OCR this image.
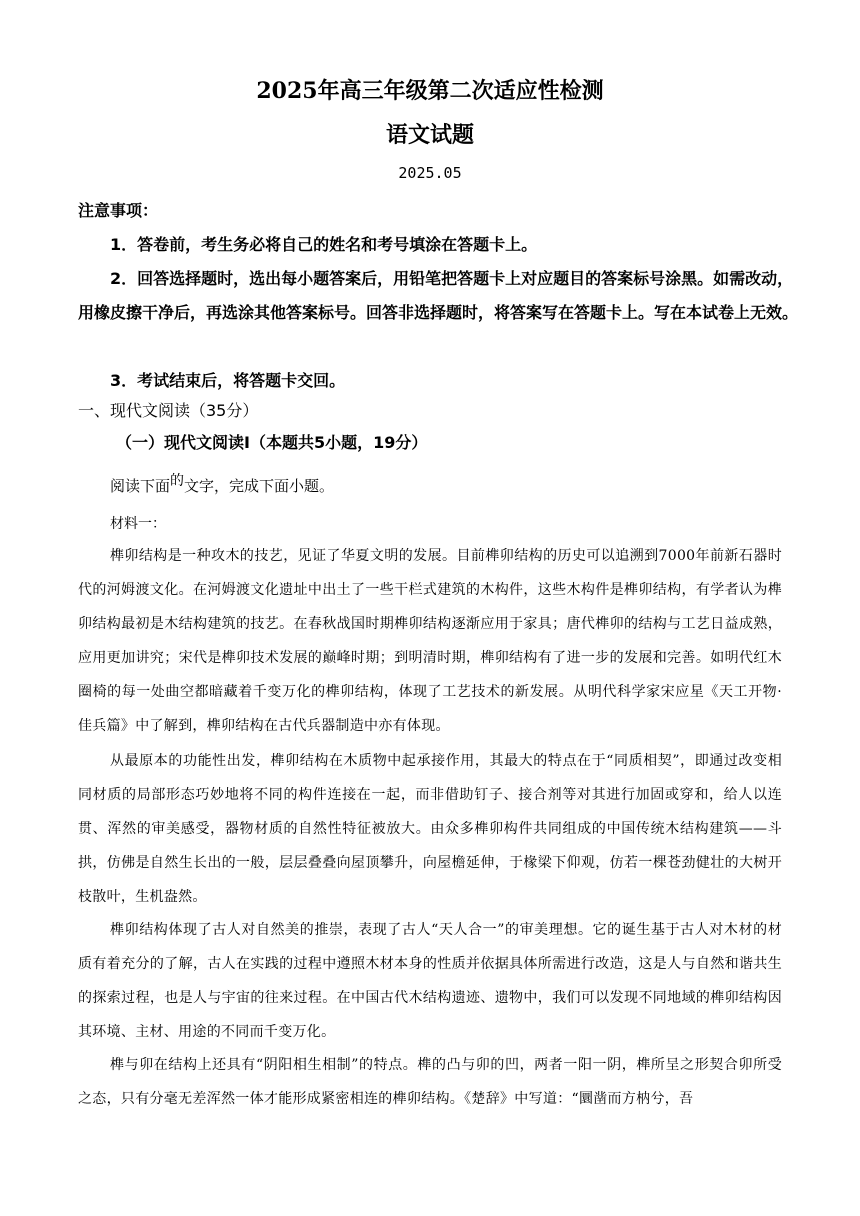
2025年高三年级第二次适应性检测
语文试题
2025.05
注意事项：
1．答卷前，考生务必将自己的姓名和考号填涂在答题卡上。
2．回答选择题时，选出每小题答案后，用铅笔把答题卡上对应题目的答案标号涂黑。如需改动，用橡皮擦干净后，再选涂其他答案标号。回答非选择题时，将答案写在答题卡上。写在本试卷上无效。
3．考试结束后，将答题卡交回。
一、现代文阅读（35分）
（一）现代文阅读Ⅰ（本题共5小题，19分）
阅读下面的文字，完成下面小题。
材料一：
榫卯结构是一种攻木的技艺，见证了华夏文明的发展。目前榫卯结构的历史可以追溯到7000年前新石器时代的河姆渡文化。在河姆渡文化遗址中出土了一些干栏式建筑的木构件，这些木构件是榫卯结构，有学者认为榫卯结构最初是木结构建筑的技艺。在春秋战国时期榫卯结构逐渐应用于家具；唐代榫卯的结构与工艺日益成熟，应用更加讲究；宋代是榫卯技术发展的巅峰时期；到明清时期，榫卯结构有了进一步的发展和完善。如明代红木圈椅的每一处曲空都暗藏着千变万化的榫卯结构，体现了工艺技术的新发展。从明代科学家宋应星《天工开物·佳兵篇》中了解到，榫卯结构在古代兵器制造中亦有体现。
从最原本的功能性出发，榫卯结构在木质物中起承接作用，其最大的特点在于“同质相契”，即通过改变相同材质的局部形态巧妙地将不同的构件连接在一起，而非借助钉子、接合剂等对其进行加固或穿和，给人以连贯、浑然的审美感受，器物材质的自然性特征被放大。由众多榫卯构件共同组成的中国传统木结构建筑——斗拱，仿佛是自然生长出的一般，层层叠叠向屋顶攀升，向屋檐延伸，于椽梁下仰观，仿若一棵苍劲健壮的大树开枝散叶，生机盎然。
榫卯结构体现了古人对自然美的推崇，表现了古人“天人合一”的审美理想。它的诞生基于古人对木材的材质有着充分的了解，古人在实践的过程中遵照木材本身的性质并依据具体所需进行改造，这是人与自然和谐共生的探索过程，也是人与宇宙的往来过程。在中国古代木结构遗迹、遗物中，我们可以发现不同地域的榫卯结构因其环境、主材、用途的不同而千变万化。
榫与卯在结构上还具有“阴阳相生相制”的特点。榫的凸与卯的凹，两者一阳一阴，榫所呈之形契合卯所受之态，只有分毫无差浑然一体才能形成紧密相连的榫卯结构。《楚辞》中写道：“圜凿而方枘兮，吾
